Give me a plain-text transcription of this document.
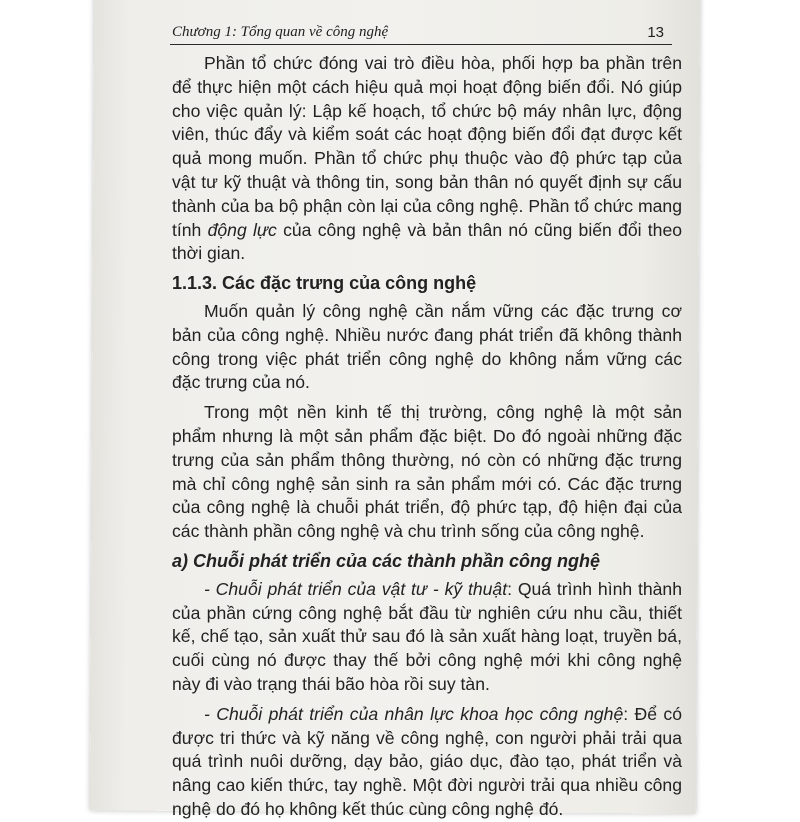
Chương 1: Tổng quan về công nghệ	13

Phần tổ chức đóng vai trò điều hòa, phối hợp ba phần trên để thực hiện một cách hiệu quả mọi hoạt động biến đổi. Nó giúp cho việc quản lý: Lập kế hoạch, tổ chức bộ máy nhân lực, động viên, thúc đẩy và kiểm soát các hoạt động biến đổi đạt được kết quả mong muốn. Phần tổ chức phụ thuộc vào độ phức tạp của vật tư kỹ thuật và thông tin, song bản thân nó quyết định sự cấu thành của ba bộ phận còn lại của công nghệ. Phần tổ chức mang tính động lực của công nghệ và bản thân nó cũng biến đổi theo thời gian.

1.1.3. Các đặc trưng của công nghệ

Muốn quản lý công nghệ cần nắm vững các đặc trưng cơ bản của công nghệ. Nhiều nước đang phát triển đã không thành công trong việc phát triển công nghệ do không nắm vững các đặc trưng của nó.

Trong một nền kinh tế thị trường, công nghệ là một sản phẩm nhưng là một sản phẩm đặc biệt. Do đó ngoài những đặc trưng của sản phẩm thông thường, nó còn có những đặc trưng mà chỉ công nghệ sản sinh ra sản phẩm mới có. Các đặc trưng của công nghệ là chuỗi phát triển, độ phức tạp, độ hiện đại của các thành phần công nghệ và chu trình sống của công nghệ.

a) Chuỗi phát triển của các thành phần công nghệ

- Chuỗi phát triển của vật tư - kỹ thuật: Quá trình hình thành của phần cứng công nghệ bắt đầu từ nghiên cứu nhu cầu, thiết kế, chế tạo, sản xuất thử sau đó là sản xuất hàng loạt, truyền bá, cuối cùng nó được thay thế bởi công nghệ mới khi công nghệ này đi vào trạng thái bão hòa rồi suy tàn.

- Chuỗi phát triển của nhân lực khoa học công nghệ: Để có được tri thức và kỹ năng về công nghệ, con người phải trải qua quá trình nuôi dưỡng, dạy bảo, giáo dục, đào tạo, phát triển và nâng cao kiến thức, tay nghề. Một đời người trải qua nhiều công nghệ do đó họ không kết thúc cùng công nghệ đó.
